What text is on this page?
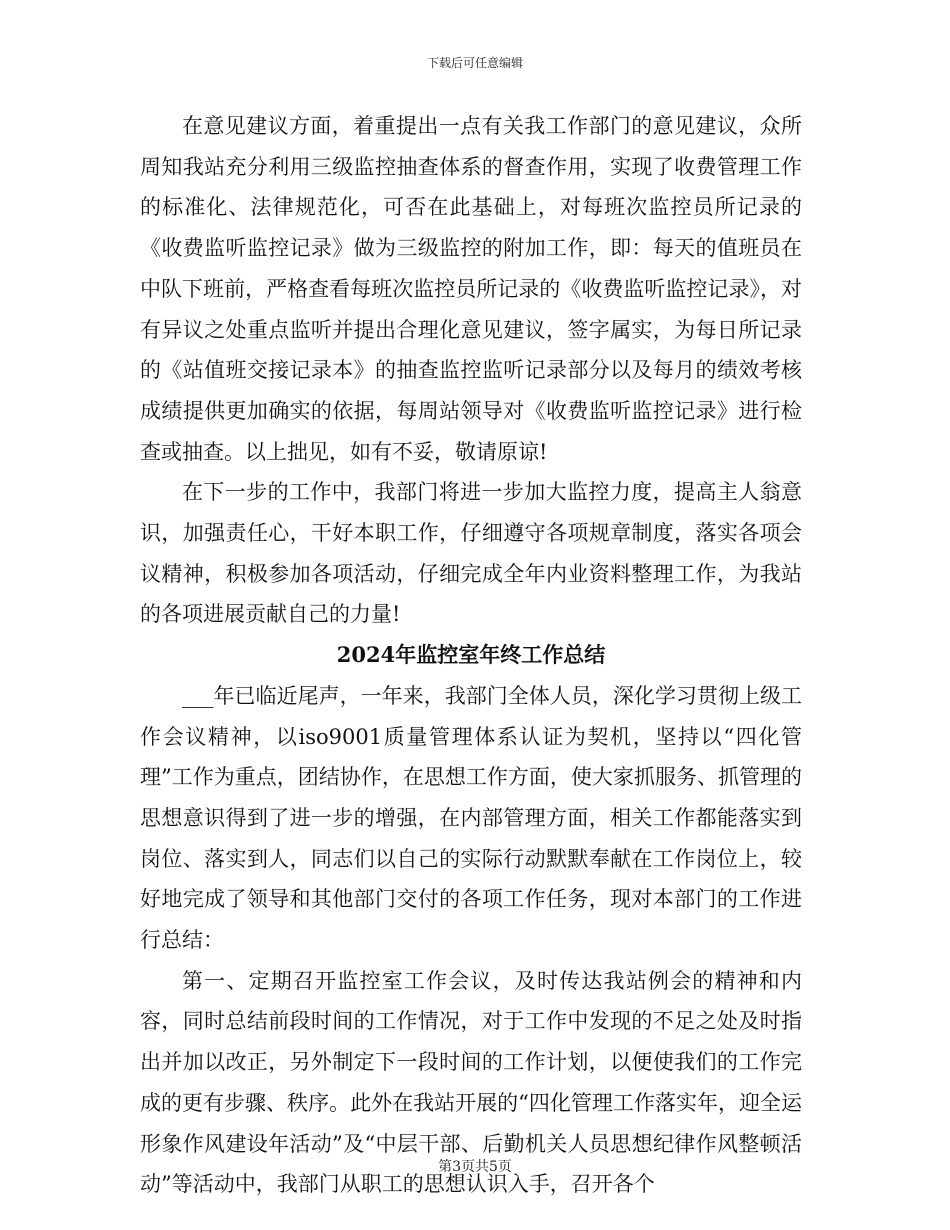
下载后可任意编辑

在意见建议方面，着重提出一点有关我工作部门的意见建议，众所周知我站充分利用三级监控抽查体系的督查作用，实现了收费管理工作的标准化、法律规范化，可否在此基础上，对每班次监控员所记录的《收费监听监控记录》做为三级监控的附加工作，即：每天的值班员在中队下班前，严格查看每班次监控员所记录的《收费监听监控记录》，对有异议之处重点监听并提出合理化意见建议，签字属实，为每日所记录的《站值班交接记录本》的抽查监控监听记录部分以及每月的绩效考核成绩提供更加确实的依据，每周站领导对《收费监听监控记录》进行检查或抽查。以上拙见，如有不妥，敬请原谅!

在下一步的工作中，我部门将进一步加大监控力度，提高主人翁意识，加强责任心，干好本职工作，仔细遵守各项规章制度，落实各项会议精神，积极参加各项活动，仔细完成全年内业资料整理工作，为我站的各项进展贡献自己的力量!

2024年监控室年终工作总结

___年已临近尾声，一年来，我部门全体人员，深化学习贯彻上级工作会议精神，以iso9001质量管理体系认证为契机，坚持以“四化管理”工作为重点，团结协作，在思想工作方面，使大家抓服务、抓管理的思想意识得到了进一步的增强，在内部管理方面，相关工作都能落实到岗位、落实到人，同志们以自己的实际行动默默奉献在工作岗位上，较好地完成了领导和其他部门交付的各项工作任务，现对本部门的工作进行总结：

第一、定期召开监控室工作会议，及时传达我站例会的精神和内容，同时总结前段时间的工作情况，对于工作中发现的不足之处及时指出并加以改正，另外制定下一段时间的工作计划，以便使我们的工作完成的更有步骤、秩序。此外在我站开展的“四化管理工作落实年，迎全运形象作风建设年活动”及“中层干部、后勤机关人员思想纪律作风整顿活动”等活动中，我部门从职工的思想认识入手，召开各个

第3页共5页
